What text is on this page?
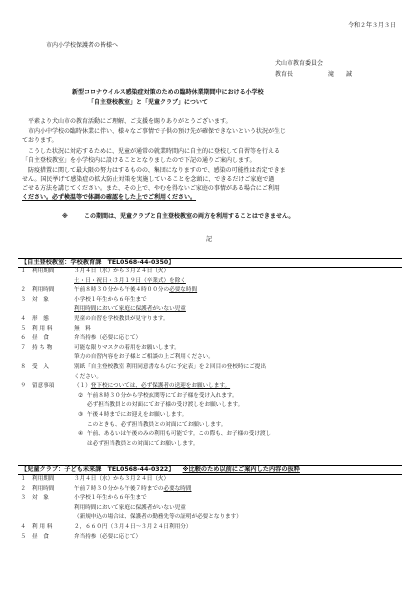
令和２年３月３日
市内小学校保護者の皆様へ
犬山市教育委員会
教育長	滝　　誠
新型コロナウイルス感染症対策のための臨時休業期間中における小学校
「自主登校教室」と「児童クラブ」について
平素より犬山市の教育活動にご理解、ご支援を賜りありがとうございます。
市内小中学校の臨時休業に伴い、様々なご事情で子供の預け先が確保できないという状況が生じ
ております。
こうした状況に対応するために、児童が通常の就業時間内に自主的に登校して自習等を行える
「自主登校教室」を小学校内に設けることとなりましたので下記の通りご案内します。
防疫措置に関して最大限の努力はするものの、集団になりますので、感染の可能性は否定できま
せん。国民挙げて感染症の拡大防止対策を実施していることを念頭に、できるだけご家庭で過
ごせる方法を講じてください。また、その上で、やむを得ないご家庭の事情がある場合にご利用
ください。必ず検温等で体調の確認をした上でご利用ください。
※	この期間は、児童クラブと自主登校教室の両方を利用することはできません。
記
【自主登校教室：学校教育課　TEL0568-44-0350】
１ 利用期間	３月４日（水）から３月２４日（火）
土・日・祝日・３月１９日（卒業式）を除く
２ 利用時間	午前８時３０分から午後４時００分の必要な時間
３ 対　象	小学校１年生から６年生まで
利用時間において家庭に保護者がいない児童
４ 形　態	児童の自習を学校教員が見守ります。
５ 利 用 料	無　料
６ 昼　食	弁当持参（必要に応じて）
７ 持 ち 物	可能な限りマスクの着用をお願いします。
筆力の自習内容をお子様とご相談の上ご利用ください。
８ 受　入	別紙「自主登校教室 利用同意書ならびに予定表」を２回目の登校時にご提出
ください。
９ 留意事項	（１）登下校については、必ず保護者の送迎をお願いします。
② 午前８時３０分から学校玄関等にてお子様を受け入れます。
必ず担当教員との対面にてお子様の受け渡しをお願いします。
③ 午後４時までにお迎えをお願いします。
このときも、必ず担当教員との対面にてお願いします。
④ 午前、あるいは午後のみの利用も可能です。この際も、お子様の受け渡し
は必ず担当教員との対面にてお願いします。
【児童クラブ：子ども未来課　TEL0568-44-0322】 ※比較のため以前にご案内した内容の抜粋
１ 利用期間	３月４日（水）から３月２４日（火）
２ 利用時間	午前７時３０分から午後７時までの必要な時間
３ 対　象	小学校１年生から６年生まで
利用時間において家庭に保護者がいない児童
（新規申込の場合は、保護者の勤務先等の証明が必要となります）
４ 利 用 料	２，６６０円（３月４日～３月２４日利用分）
５ 昼　食	弁当持参（必要に応じて）
